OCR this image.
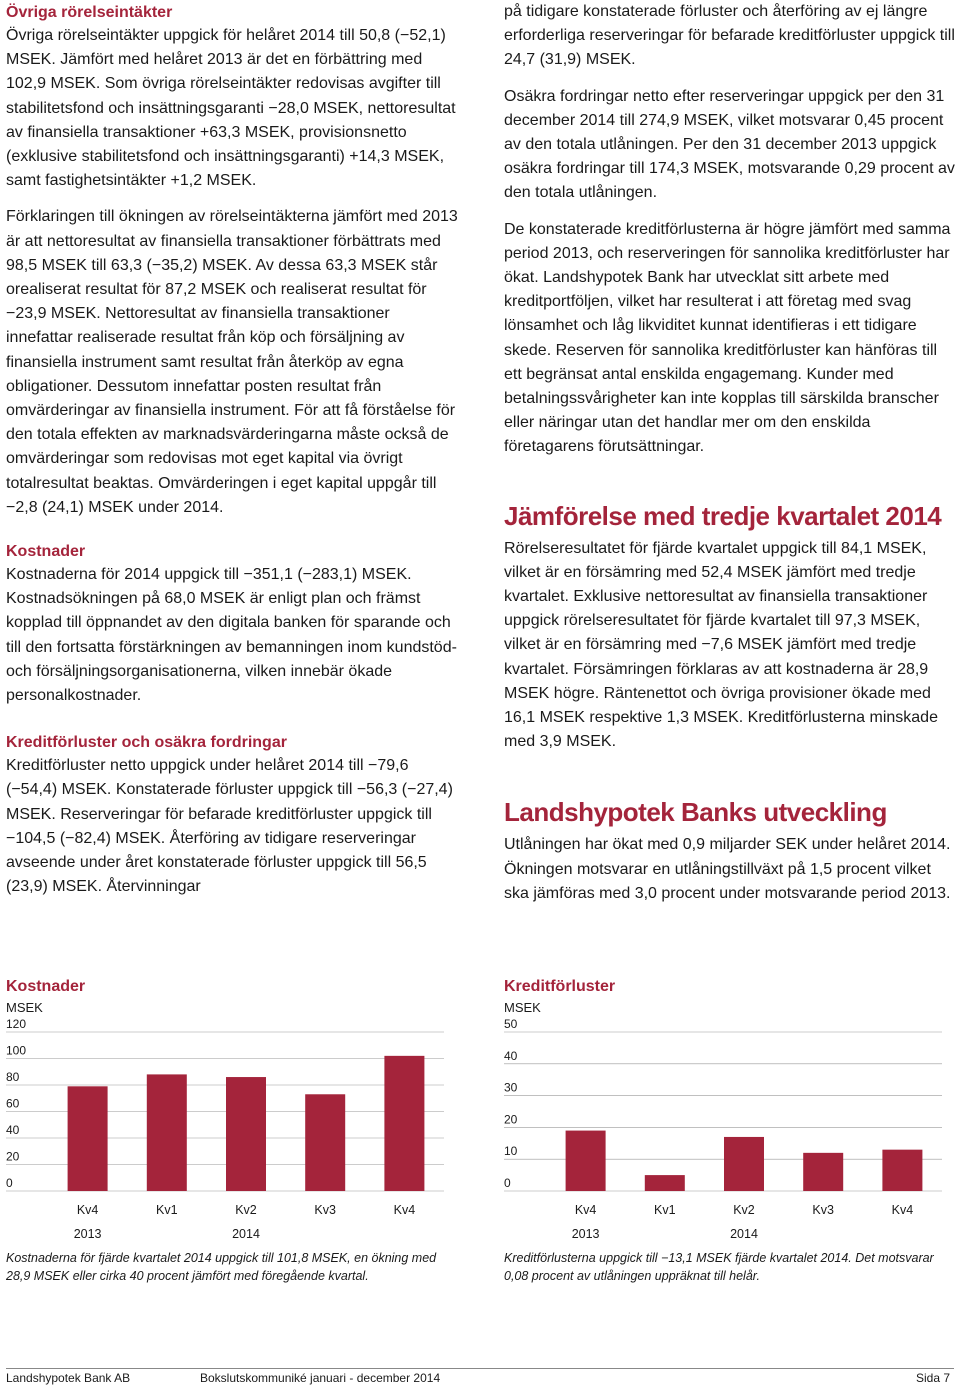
Övriga rörelseintäkter

Övriga rörelseintäkter uppgick för helåret 2014 till 50,8 (−52,1) MSEK. Jämfört med helåret 2013 är det en förbättring med 102,9 MSEK. Som övriga rörelseintäkter redovisas avgifter till stabilitetsfond och insättningsgaranti −28,0 MSEK, nettoresultat av finansiella transaktioner +63,3 MSEK, provisionsnetto (exklusive stabilitetsfond och insättningsgaranti) +14,3 MSEK, samt fastighetsintäkter +1,2 MSEK.

Förklaringen till ökningen av rörelseintäkterna jämfört med 2013 är att nettoresultat av finansiella transaktioner förbättrats med 98,5 MSEK till 63,3 (−35,2) MSEK. Av dessa 63,3 MSEK står orealiserat resultat för 87,2 MSEK och realiserat resultat för −23,9 MSEK. Nettoresultat av finansiella transaktioner innefattar realiserade resultat från köp och försäljning av finansiella instrument samt resultat från återköp av egna obligationer. Dessutom innefattar posten resultat från omvärderingar av finansiella instrument. För att få förståelse för den totala effekten av marknadsvärderingarna måste också de omvärderingar som redovisas mot eget kapital via övrigt totalresultat beaktas. Omvärderingen i eget kapital uppgår till −2,8 (24,1) MSEK under 2014.

Kostnader

Kostnaderna för 2014 uppgick till −351,1 (−283,1) MSEK. Kostnadsökningen på 68,0 MSEK är enligt plan och främst kopplad till öppnandet av den digitala banken för sparande och till den fortsatta förstärkningen av bemanningen inom kundstöd- och försäljningsorganisationerna, vilken innebär ökade personalkostnader.

Kreditförluster och osäkra fordringar

Kreditförluster netto uppgick under helåret 2014 till −79,6 (−54,4) MSEK. Konstaterade förluster uppgick till −56,3 (−27,4) MSEK. Reserveringar för befarade kreditförluster uppgick till −104,5 (−82,4) MSEK. Återföring av tidigare reserveringar avseende under året konstaterade förluster uppgick till 56,5 (23,9) MSEK. Återvinningar

på tidigare konstaterade förluster och återföring av ej längre erforderliga reserveringar för befarade kreditförluster uppgick till 24,7 (31,9) MSEK.

Osäkra fordringar netto efter reserveringar uppgick per den 31 december 2014 till 274,9 MSEK, vilket motsvarar 0,45 procent av den totala utlåningen. Per den 31 december 2013 uppgick osäkra fordringar till 174,3 MSEK, motsvarande 0,29 procent av den totala utlåningen.

De konstaterade kreditförlusterna är högre jämfört med samma period 2013, och reserveringen för sannolika kreditförluster har ökat. Landshypotek Bank har utvecklat sitt arbete med kreditportföljen, vilket har resulterat i att företag med svag lönsamhet och låg likviditet kunnat identifieras i ett tidigare skede. Reserven för sannolika kreditförluster kan hänföras till ett begränsat antal enskilda engagemang. Kunder med betalningssvårigheter kan inte kopplas till särskilda branscher eller näringar utan det handlar mer om den enskilda företagarens förutsättningar.

Jämförelse med tredje kvartalet 2014

Rörelseresultatet för fjärde kvartalet uppgick till 84,1 MSEK, vilket är en försämring med 52,4 MSEK jämfört med tredje kvartalet. Exklusive nettoresultat av finansiella transaktioner uppgick rörelseresultatet för fjärde kvartalet till 97,3 MSEK, vilket är en försämring med −7,6 MSEK jämfört med tredje kvartalet. Försämringen förklaras av att kostnaderna är 28,9 MSEK högre. Räntenettot och övriga provisioner ökade med 16,1 MSEK respektive 1,3 MSEK. Kreditförlusterna minskade med 3,9 MSEK.

Landshypotek Banks utveckling

Utlåningen har ökat med 0,9 miljarder SEK under helåret 2014. Ökningen motsvarar en utlåningstillväxt på 1,5 procent vilket ska jämföras med 3,0 procent under motsvarande period 2013.

Kostnader
MSEK
0
20
40
60
80
100
120
Kv4	Kv1	Kv2	Kv3	Kv4
2013	2014
Kostnaderna för fjärde kvartalet 2014 uppgick till 101,8 MSEK, en ökning med 28,9 MSEK eller cirka 40 procent jämfört med föregående kvartal.
Kreditförluster
MSEK
0
10
20
30
40
50
Kv4	Kv1	Kv2	Kv3	Kv4
2013	2014
Kreditförlusterna uppgick till −13,1 MSEK fjärde kvartalet 2014. Det motsvarar 0,08 procent av utlåningen uppräknat till helår.
Landshypotek Bank AB	Bokslutskommuniké januari - december 2014	Sida 7
